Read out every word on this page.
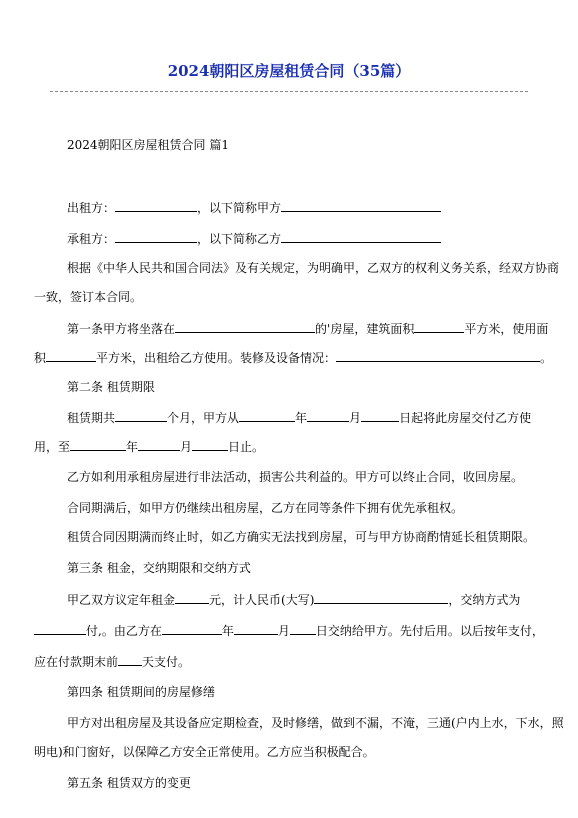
2024朝阳区房屋租赁合同（35篇）
2024朝阳区房屋租赁合同 篇1
出租方：	，以下简称甲方
承租方：	，以下简称乙方
根据《中华人民共和国合同法》及有关规定，为明确甲，乙双方的权利义务关系，经双方协商
一致，签订本合同。
第一条甲方将坐落在	的'房屋，建筑面积	平方米，使用面
积	平方米，出租给乙方使用。装修及设备情况：	。
第二条 租赁期限
租赁期共	个月，甲方从	年	月	日起将此房屋交付乙方使
用，至	年	月	日止。
乙方如利用承租房屋进行非法活动，损害公共利益的。甲方可以终止合同，收回房屋。
合同期满后，如甲方仍继续出租房屋，乙方在同等条件下拥有优先承租权。
租赁合同因期满而终止时，如乙方确实无法找到房屋，可与甲方协商酌情延长租赁期限。
第三条 租金，交纳期限和交纳方式
甲乙双方议定年租金	元，计人民币(大写)	，交纳方式为
付,。由乙方在	年	月 日交纳给甲方。先付后用。以后按年支付，
应在付款期末前 天支付。
第四条 租赁期间的房屋修缮
甲方对出租房屋及其设备应定期检查，及时修缮，做到不漏，不淹，三通(户内上水，下水，照
明电)和门窗好，以保障乙方安全正常使用。乙方应当积极配合。
第五条 租赁双方的变更
